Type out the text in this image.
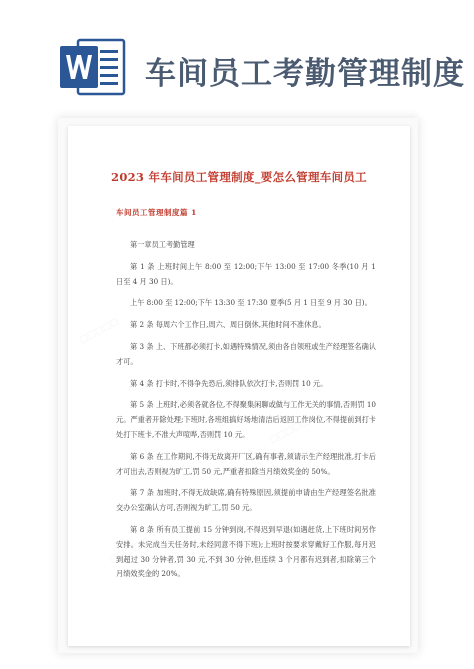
车间员工考勤管理制度
□□□□□
□□□□□
□□□□□
2023 年车间员工管理制度_要怎么管理车间员工
车间员工管理制度篇 1

第一章员工考勤管理

第 1 条 上班时间上午 8:00 至 12:00;下午 13:00 至 17:00 冬季(10 月 1 日至 4 月 30 日)。

上午 8:00 至 12:00;下午 13:30 至 17:30 夏季(5 月 1 日至 9 月 30 日)。

第 2 条 每周六个工作日,周六、周日倒休,其他时间不准休息。

第 3 条 上、下班都必须打卡,如遇特殊情况,须由各自领班或生产经理签名确认才可。

第 4 条 打卡时,不得争先恐后,须排队依次打卡,否则罚 10 元。

第 5 条 上班时,必须各就各位,不得聚集闲聊或做与工作无关的事情,否则罚 10 元。严重者开除处理;下班时,各班组搞好场地清洁后返回工作岗位,不得提前到打卡处打下班卡,不准大声喧哗,否则罚 10 元。

第 6 条 在工作期间,不得无故离开厂区,确有事者,须请示生产经理批准,打卡后才可出去,否则视为旷工,罚 50 元,严重者扣除当月绩效奖金的 50%。

第 7 条 加班时,不得无故缺席,确有特殊原因,须提前申请由生产经理签名批准交办公室确认方可,否则视为旷工,罚 50 元。

第 8 条 所有员工提前 15 分钟到岗,不得迟到早退(如遇赶货,上下班时间另作安排。未完成当天任务时,未经同意不得下班);上班时按要求穿戴好工作服,每月迟到超过 30 分钟者,罚 30 元,不到 30 分钟,但连续 3 个月都有迟到者,扣除第三个月绩效奖金的 20%。
